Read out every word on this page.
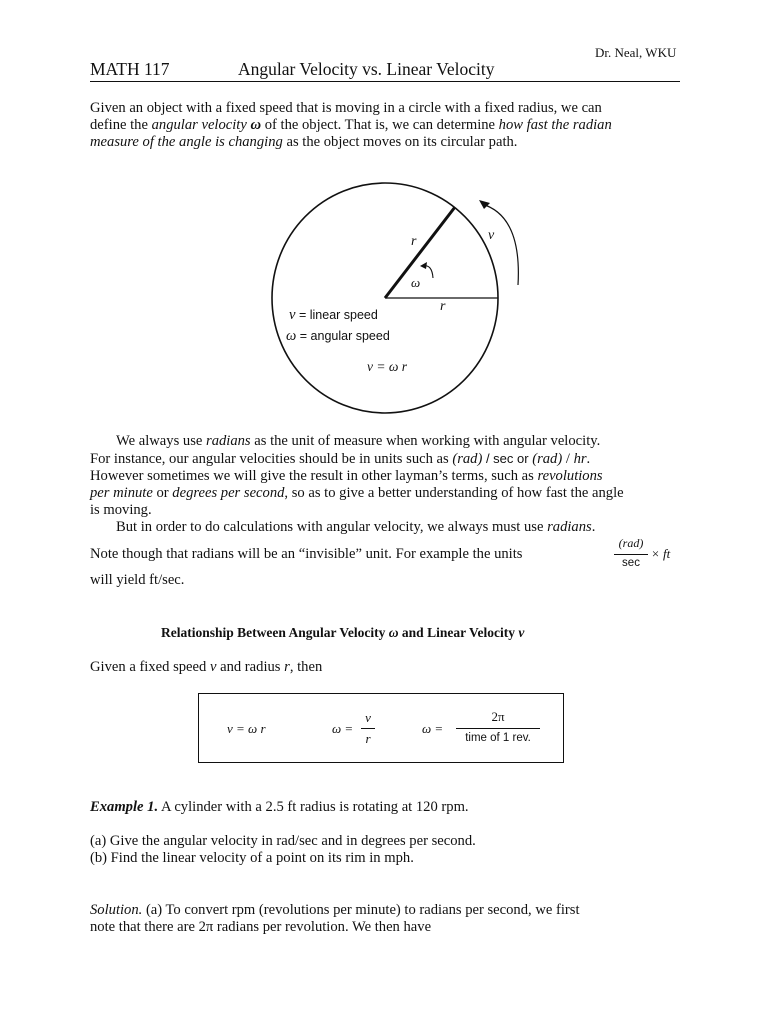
Dr. Neal, WKU
MATH 117	Angular Velocity vs. Linear Velocity
Given an object with a fixed speed that is moving in a circle with a fixed radius, we can
define the angular velocity ω of the object. That is, we can determine how fast the radian
measure of the angle is changing as the object moves on its circular path.
r
r
v
ω
v = linear speed
ω = angular speed
v = ω r
We always use radians as the unit of measure when working with angular velocity.
For instance, our angular velocities should be in units such as (rad) / sec or (rad) / hr.
However sometimes we will give the result in other layman’s terms, such as revolutions
per minute or degrees per second, so as to give a better understanding of how fast the angle
is moving.
But in order to do calculations with angular velocity, we always must use radians.
Note though that radians will be an “invisible” unit. For example the units
(rad)
sec
× ft
will yield ft/sec.
Relationship Between Angular Velocity ω and Linear Velocity v
Given a fixed speed v and radius r, then
v = ω r	ω =
v
r
ω =
2π
time of 1 rev.
Example 1. A cylinder with a 2.5 ft radius is rotating at 120 rpm.
(a) Give the angular velocity in rad/sec and in degrees per second.
(b) Find the linear velocity of a point on its rim in mph.
Solution. (a) To convert rpm (revolutions per minute) to radians per second, we first
note that there are 2π radians per revolution. We then have
